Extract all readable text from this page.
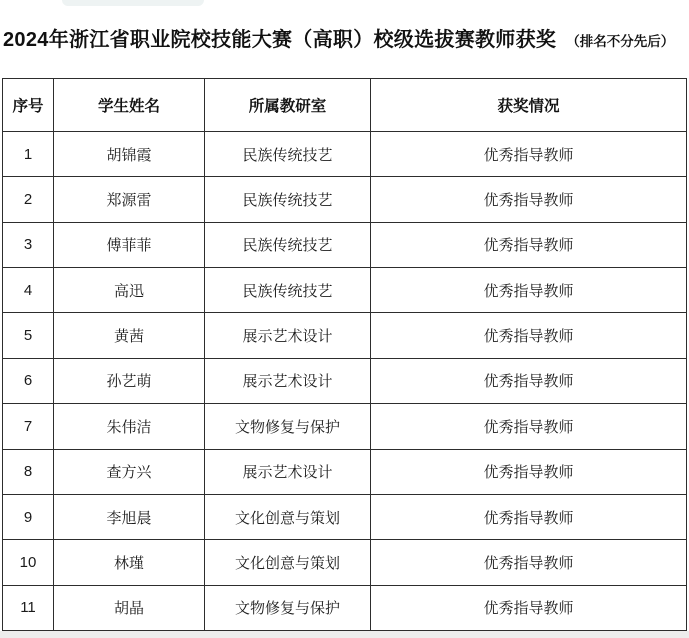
2024年浙江省职业院校技能大赛（高职）校级选拔赛教师获奖 （排名不分先后）
序号	学生姓名	所属教研室	获奖情况
1	胡锦霞	民族传统技艺	优秀指导教师
2	郑源雷	民族传统技艺	优秀指导教师
3	傅菲菲	民族传统技艺	优秀指导教师
4	高迅	民族传统技艺	优秀指导教师
5	黄茜	展示艺术设计	优秀指导教师
6	孙艺萌	展示艺术设计	优秀指导教师
7	朱伟洁	文物修复与保护	优秀指导教师
8	查方兴	展示艺术设计	优秀指导教师
9	李旭晨	文化创意与策划	优秀指导教师
10	林瑾	文化创意与策划	优秀指导教师
11	胡晶	文物修复与保护	优秀指导教师
